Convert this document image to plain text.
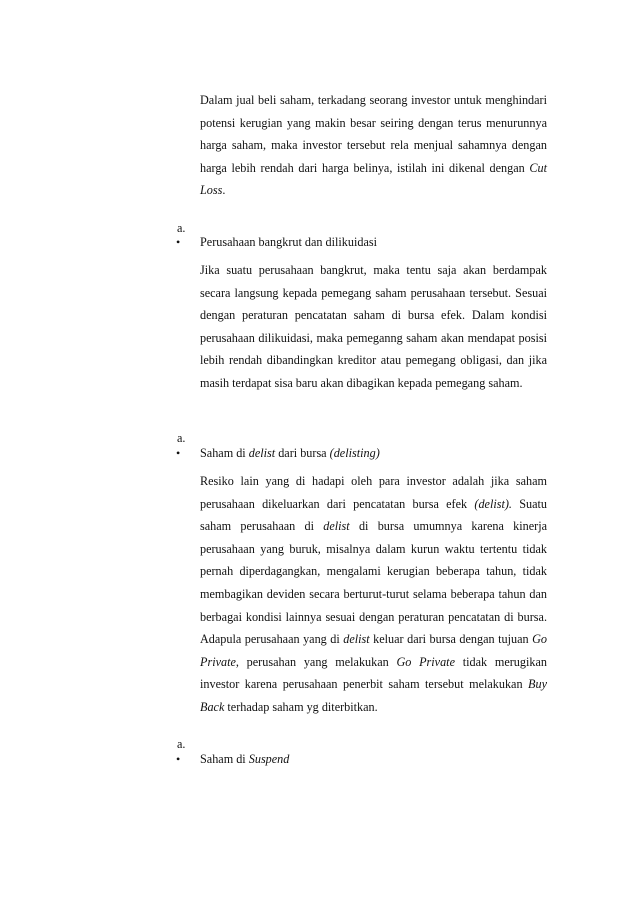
Dalam jual beli saham, terkadang seorang investor untuk menghindari potensi kerugian yang makin besar seiring dengan terus menurunnya harga saham, maka investor tersebut rela menjual sahamnya dengan harga lebih rendah dari harga belinya, istilah ini dikenal dengan Cut Loss.

a.
• Perusahaan bangkrut dan dilikuidasi

Jika suatu perusahaan bangkrut, maka tentu saja akan berdampak secara langsung kepada pemegang saham perusahaan tersebut. Sesuai dengan peraturan pencatatan saham di bursa efek. Dalam kondisi perusahaan dilikuidasi, maka pemeganng saham akan mendapat posisi lebih rendah dibandingkan kreditor atau pemegang obligasi, dan jika masih terdapat sisa baru akan dibagikan kepada pemegang saham.

a.
• Saham di delist dari bursa (delisting)

Resiko lain yang di hadapi oleh para investor adalah jika saham perusahaan dikeluarkan dari pencatatan bursa efek (delist). Suatu saham perusahaan di delist di bursa umumnya karena kinerja perusahaan yang buruk, misalnya dalam kurun waktu tertentu tidak pernah diperdagangkan, mengalami kerugian beberapa tahun, tidak membagikan deviden secara berturut-turut selama beberapa tahun dan berbagai kondisi lainnya sesuai dengan peraturan pencatatan di bursa. Adapula perusahaan yang di delist keluar dari bursa dengan tujuan Go Private, perusahan yang melakukan Go Private tidak merugikan investor karena perusahaan penerbit saham tersebut melakukan Buy Back terhadap saham yg diterbitkan.

a.
• Saham di Suspend
